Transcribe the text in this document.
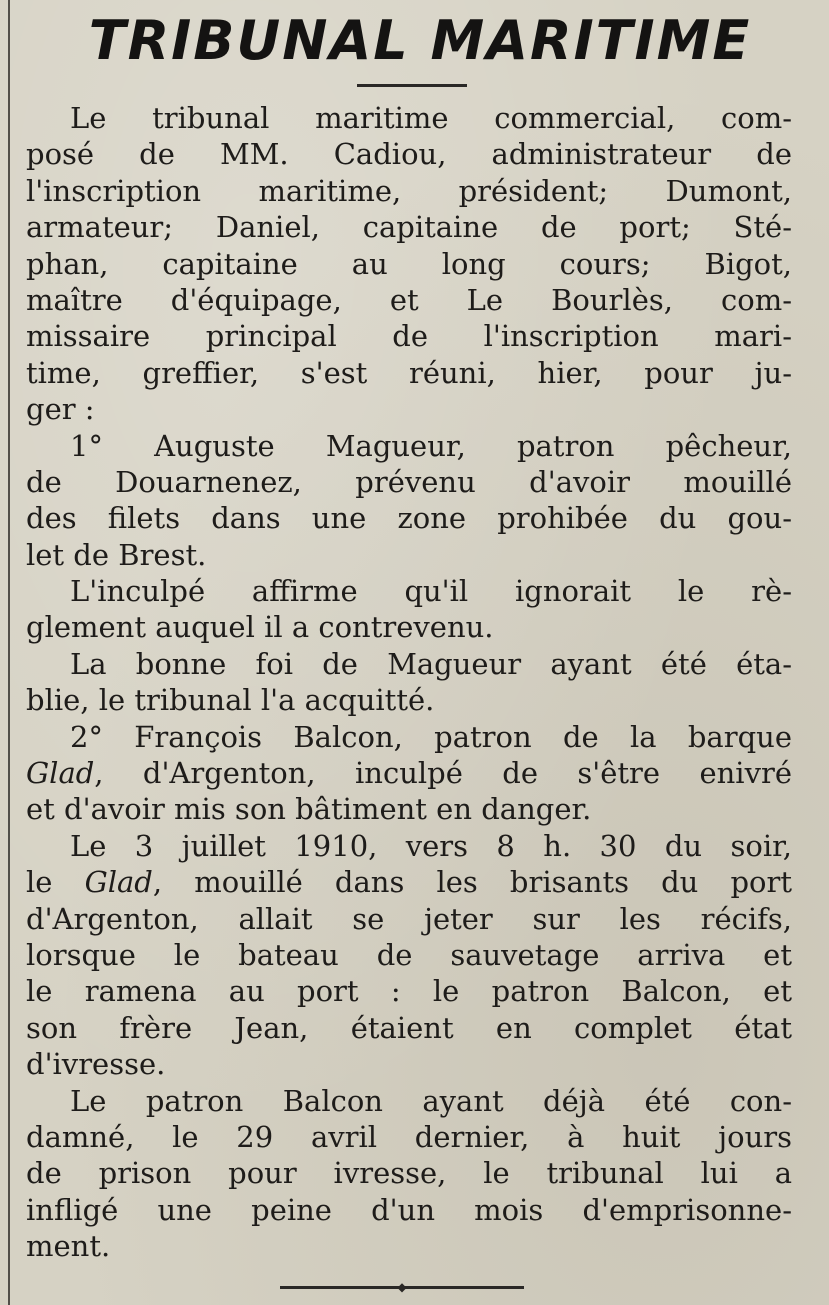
TRIBUNAL MARITIME
Le tribunal maritime commercial, com-
posé de MM. Cadiou, administrateur de
l'inscription maritime, président; Dumont,
armateur; Daniel, capitaine de port; Sté-
phan, capitaine au long cours; Bigot,
maître d'équipage, et Le Bourlès, com-
missaire principal de l'inscription mari-
time, greffier, s'est réuni, hier, pour ju-
ger :
1° Auguste Magueur, patron pêcheur,
de Douarnenez, prévenu d'avoir mouillé
des filets dans une zone prohibée du gou-
let de Brest.
L'inculpé affirme qu'il ignorait le rè-
glement auquel il a contrevenu.
La bonne foi de Magueur ayant été éta-
blie, le tribunal l'a acquitté.
2° François Balcon, patron de la barque
Glad, d'Argenton, inculpé de s'être enivré
et d'avoir mis son bâtiment en danger.
Le 3 juillet 1910, vers 8 h. 30 du soir,
le Glad, mouillé dans les brisants du port
d'Argenton, allait se jeter sur les récifs,
lorsque le bateau de sauvetage arriva et
le ramena au port : le patron Balcon, et
son frère Jean, étaient en complet état
d'ivresse.
Le patron Balcon ayant déjà été con-
damné, le 29 avril dernier, à huit jours
de prison pour ivresse, le tribunal lui a
infligé une peine d'un mois d'emprisonne-
ment.
◆
